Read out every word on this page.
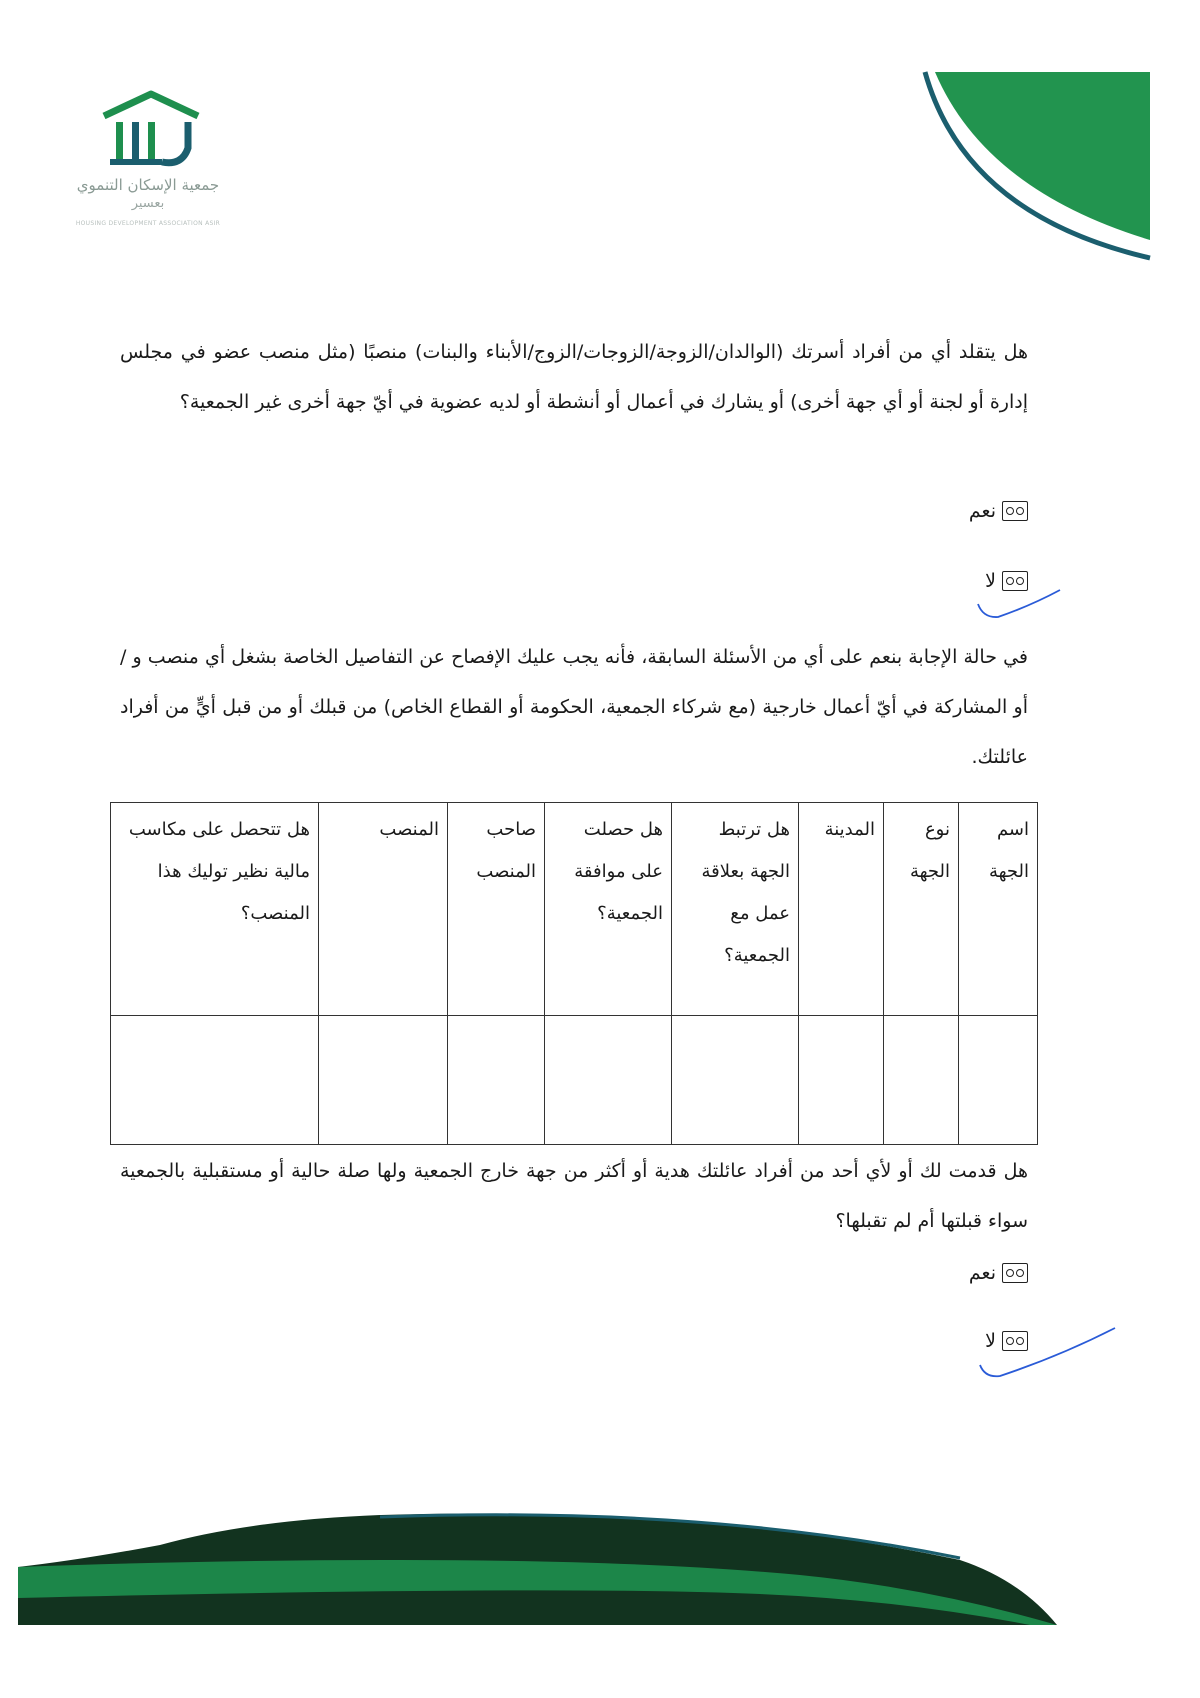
جمعية الإسكان التنموي
بعسير
HOUSING DEVELOPMENT ASSOCIATION ASIR
هل يتقلد أي من أفراد أسرتك (الوالدان/الزوجة/الزوجات/الزوج/الأبناء والبنات) منصبًا (مثل منصب عضو في مجلس إدارة أو لجنة أو أي جهة أخرى) أو يشارك في أعمال أو أنشطة أو لديه عضوية في أيّ جهة أخرى غير الجمعية؟
نعم
لا
في حالة الإجابة بنعم على أي من الأسئلة السابقة، فأنه يجب عليك الإفصاح عن التفاصيل الخاصة بشغل أي منصب و / أو المشاركة في أيّ أعمال خارجية (مع شركاء الجمعية، الحكومة أو القطاع الخاص) من قبلك أو من قبل أيٍّ من أفراد عائلتك.
اسم الجهة	نوع الجهة	المدينة	هل ترتبط الجهة بعلاقة عمل مع الجمعية؟	هل حصلت على موافقة الجمعية؟	صاحب المنصب	المنصب	هل تتحصل على مكاسب مالية نظير توليك هذا المنصب؟

هل قدمت لك أو لأي أحد من أفراد عائلتك هدية أو أكثر من جهة خارج الجمعية ولها صلة حالية أو مستقبلية بالجمعية سواء قبلتها أم لم تقبلها؟
نعم
لا
